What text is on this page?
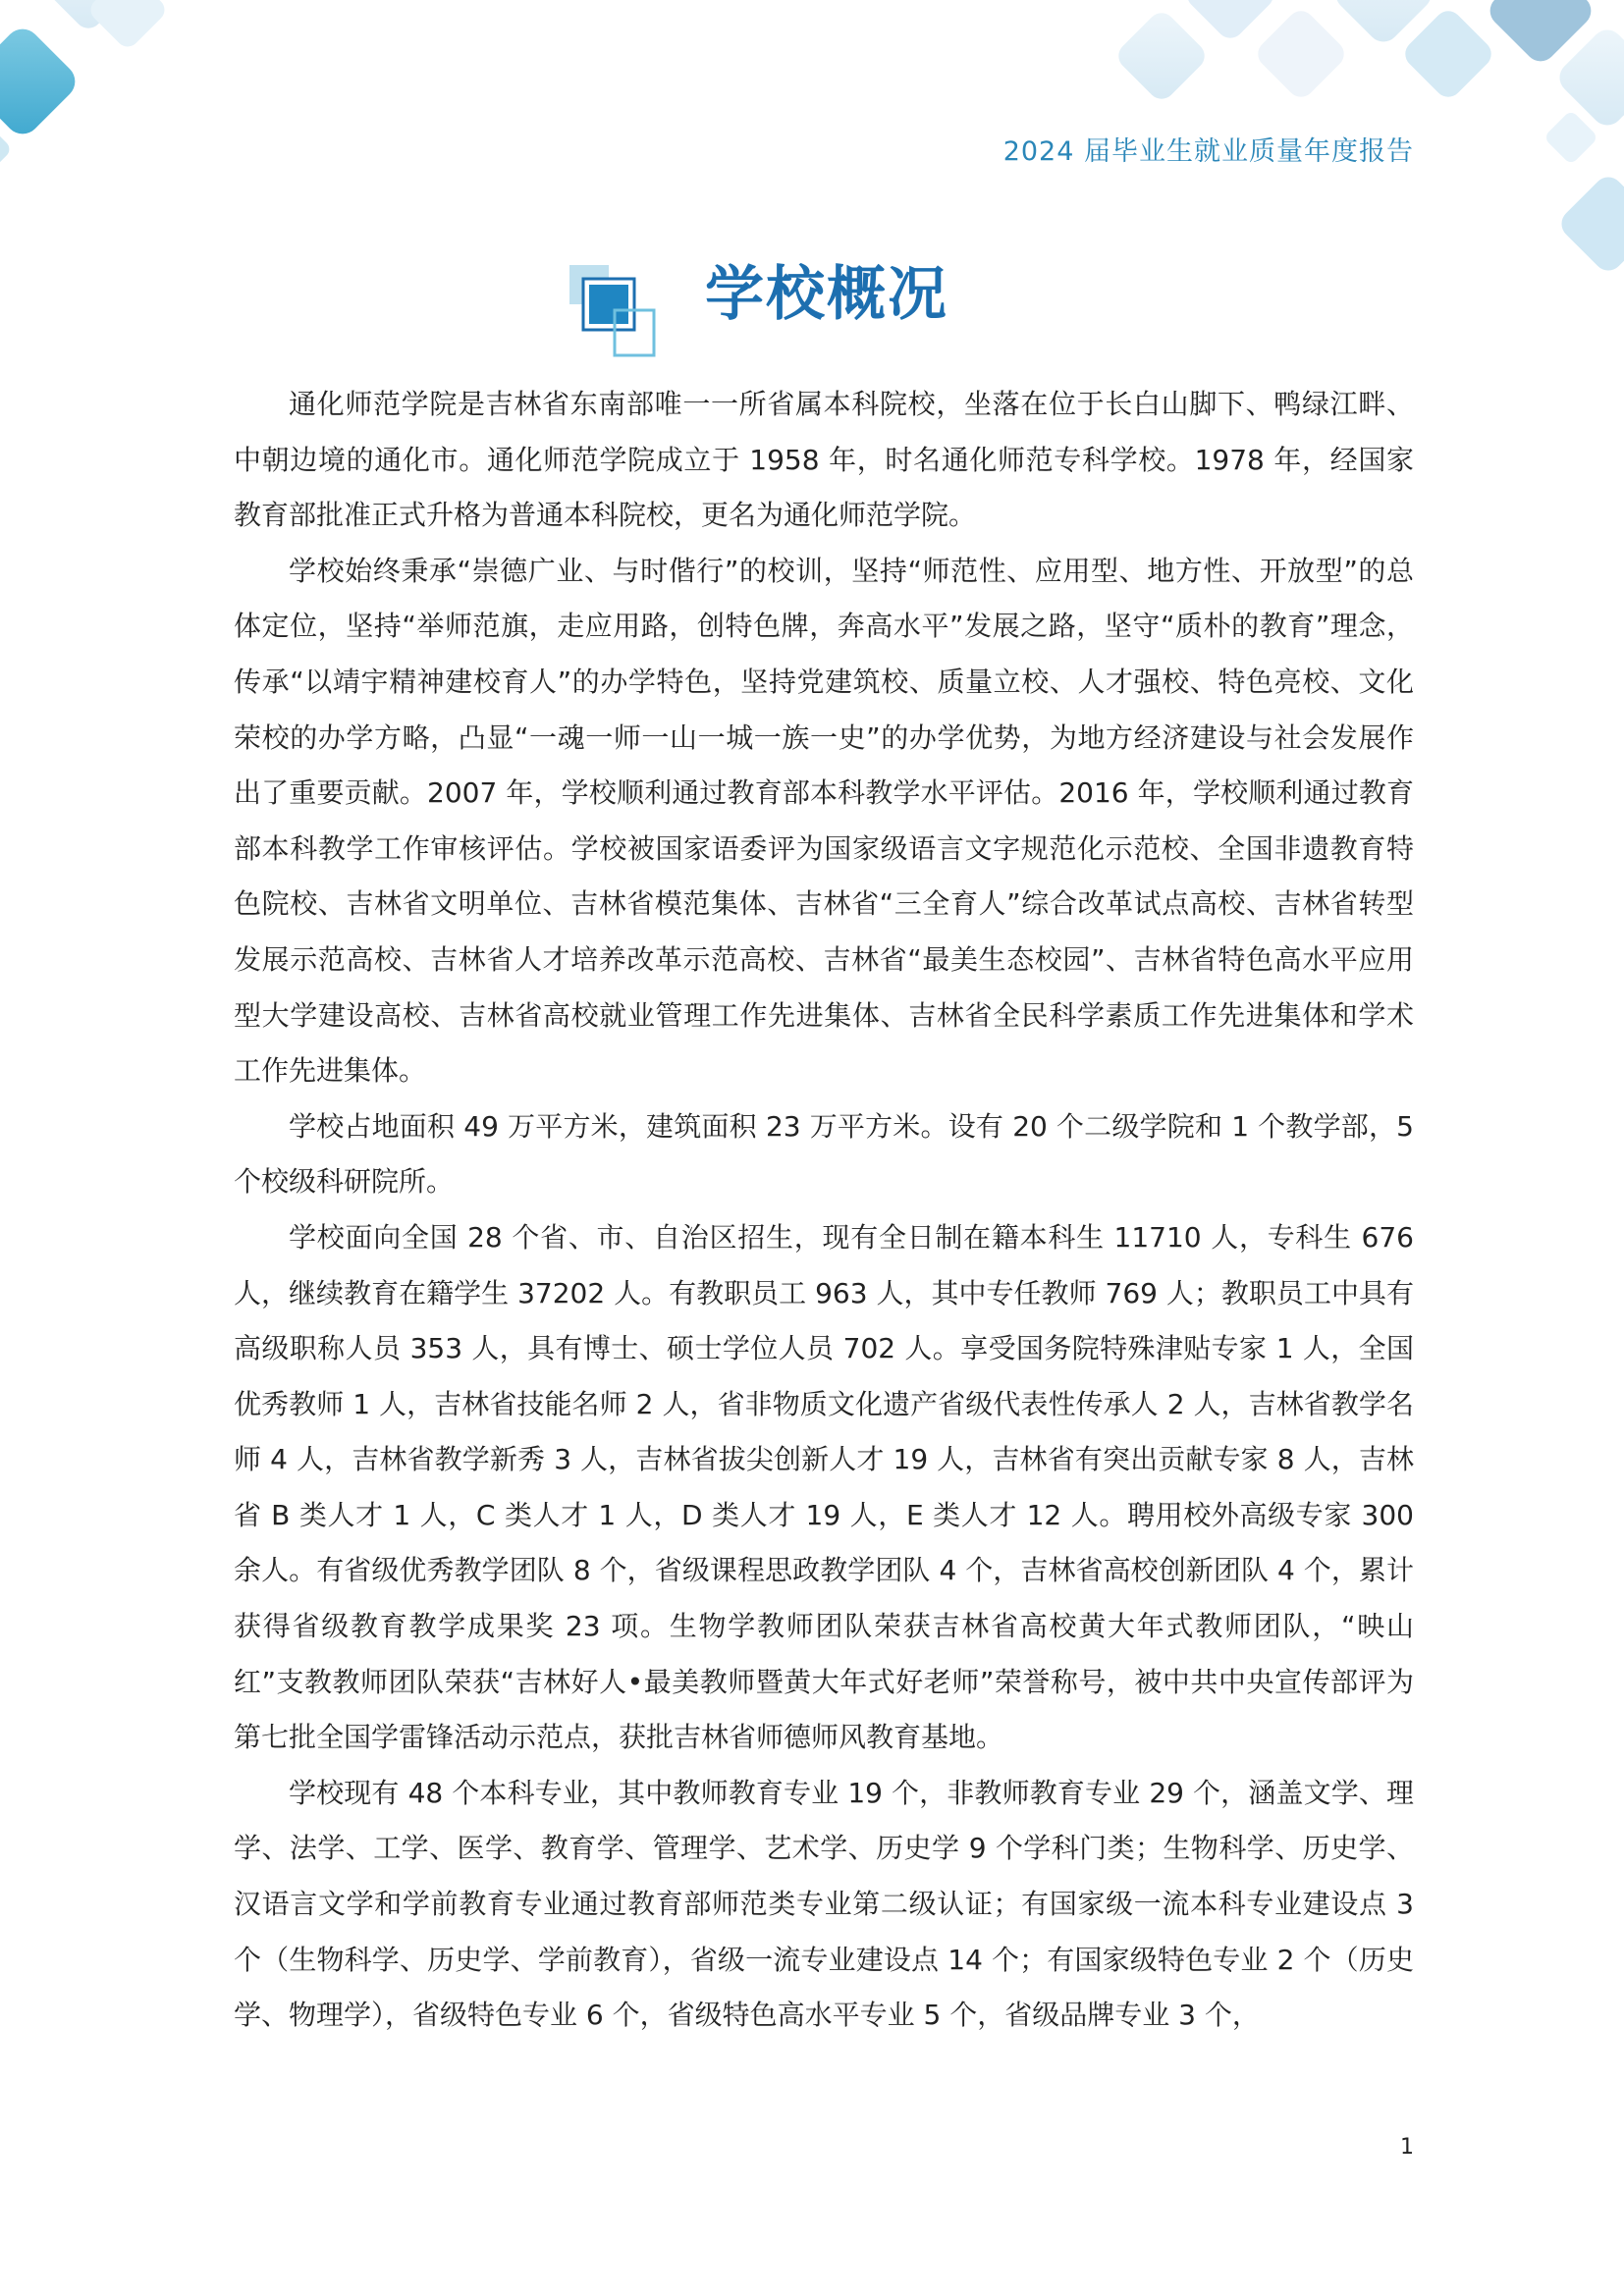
2024 届毕业生就业质量年度报告
学校概况

通化师范学院是吉林省东南部唯一一所省属本科院校，坐落在位于长白山脚下、鸭绿江畔、中朝边境的通化市。通化师范学院成立于 1958 年，时名通化师范专科学校。1978 年，经国家教育部批准正式升格为普通本科院校，更名为通化师范学院。

学校始终秉承“崇德广业、与时偕行”的校训，坚持“师范性、应用型、地方性、开放型”的总体定位，坚持“举师范旗，走应用路，创特色牌，奔高水平”发展之路，坚守“质朴的教育”理念，传承“以靖宇精神建校育人”的办学特色，坚持党建筑校、质量立校、人才强校、特色亮校、文化荣校的办学方略，凸显“一魂一师一山一城一族一史”的办学优势，为地方经济建设与社会发展作出了重要贡献。2007 年，学校顺利通过教育部本科教学水平评估。2016 年，学校顺利通过教育部本科教学工作审核评估。学校被国家语委评为国家级语言文字规范化示范校、全国非遗教育特色院校、吉林省文明单位、吉林省模范集体、吉林省“三全育人”综合改革试点高校、吉林省转型发展示范高校、吉林省人才培养改革示范高校、吉林省“最美生态校园”、吉林省特色高水平应用型大学建设高校、吉林省高校就业管理工作先进集体、吉林省全民科学素质工作先进集体和学术工作先进集体。

学校占地面积 49 万平方米，建筑面积 23 万平方米。设有 20 个二级学院和 1 个教学部，5 个校级科研院所。

学校面向全国 28 个省、市、自治区招生，现有全日制在籍本科生 11710 人，专科生 676 人，继续教育在籍学生 37202 人。有教职员工 963 人，其中专任教师 769 人；教职员工中具有高级职称人员 353 人，具有博士、硕士学位人员 702 人。享受国务院特殊津贴专家 1 人，全国优秀教师 1 人，吉林省技能名师 2 人，省非物质文化遗产省级代表性传承人 2 人，吉林省教学名师 4 人，吉林省教学新秀 3 人，吉林省拔尖创新人才 19 人，吉林省有突出贡献专家 8 人，吉林省 B 类人才 1 人，C 类人才 1 人，D 类人才 19 人，E 类人才 12 人。聘用校外高级专家 300 余人。有省级优秀教学团队 8 个，省级课程思政教学团队 4 个，吉林省高校创新团队 4 个，累计获得省级教育教学成果奖 23 项。生物学教师团队荣获吉林省高校黄大年式教师团队，“映山红”支教教师团队荣获“吉林好人•最美教师暨黄大年式好老师”荣誉称号，被中共中央宣传部评为第七批全国学雷锋活动示范点，获批吉林省师德师风教育基地。

学校现有 48 个本科专业，其中教师教育专业 19 个，非教师教育专业 29 个，涵盖文学、理学、法学、工学、医学、教育学、管理学、艺术学、历史学 9 个学科门类；生物科学、历史学、汉语言文学和学前教育专业通过教育部师范类专业第二级认证；有国家级一流本科专业建设点 3 个（生物科学、历史学、学前教育），省级一流专业建设点 14 个；有国家级特色专业 2 个（历史学、物理学），省级特色专业 6 个，省级特色高水平专业 5 个，省级品牌专业 3 个，

1
